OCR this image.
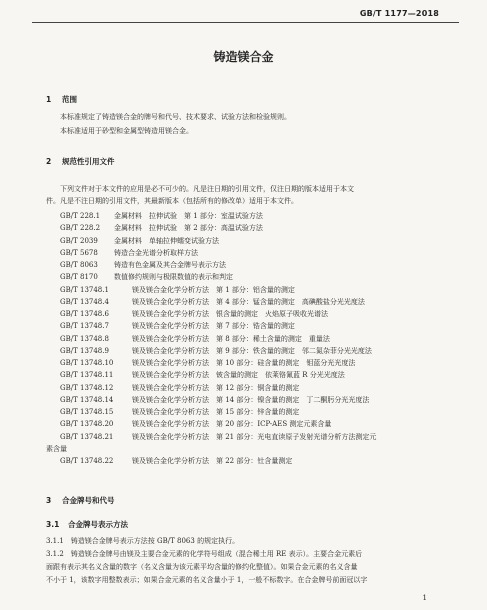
GB/T 1177—2018
铸造镁合金
1 范围
本标准规定了铸造镁合金的牌号和代号、技术要求、试验方法和检验规则。
本标准适用于砂型和金属型铸造用镁合金。
2 规范性引用文件
下列文件对于本文件的应用是必不可少的。凡是注日期的引用文件，仅注日期的版本适用于本文
件。凡是不注日期的引用文件，其最新版本（包括所有的修改单）适用于本文件。
GB/T 228.1 金属材料　拉伸试验　第 1 部分：室温试验方法
GB/T 228.2 金属材料　拉伸试验　第 2 部分：高温试验方法
GB/T 2039 金属材料　单轴拉伸蠕变试验方法
GB/T 5678 铸造合金光谱分析取样方法
GB/T 8063 铸造有色金属及其合金牌号表示方法
GB/T 8170 数值修约规则与极限数值的表示和判定
GB/T 13748.1	镁及镁合金化学分析方法　第 1 部分：铝含量的测定
GB/T 13748.4	镁及镁合金化学分析方法　第 4 部分：锰含量的测定　高碘酸盐分光光度法
GB/T 13748.6	镁及镁合金化学分析方法　银含量的测定　火焰原子吸收光谱法
GB/T 13748.7	镁及镁合金化学分析方法　第 7 部分：锆含量的测定
GB/T 13748.8	镁及镁合金化学分析方法　第 8 部分：稀土含量的测定　重量法
GB/T 13748.9	镁及镁合金化学分析方法　第 9 部分：铁含量的测定　邻二氮杂菲分光光度法
GB/T 13748.10	镁及镁合金化学分析方法　第 10 部分：硅含量的测定　钼蓝分光光度法
GB/T 13748.11	镁及镁合金化学分析方法　铍含量的测定　依莱铬氰蓝 R 分光光度法
GB/T 13748.12	镁及镁合金化学分析方法　第 12 部分：铜含量的测定
GB/T 13748.14	镁及镁合金化学分析方法　第 14 部分：镍含量的测定　丁二酮肟分光光度法
GB/T 13748.15	镁及镁合金化学分析方法　第 15 部分：锌含量的测定
GB/T 13748.20	镁及镁合金化学分析方法　第 20 部分：ICP-AES 测定元素含量
GB/T 13748.21	镁及镁合金化学分析方法　第 21 部分：光电直读原子发射光谱分析方法测定元
素含量
GB/T 13748.22	镁及镁合金化学分析方法　第 22 部分：钍含量测定
3 合金牌号和代号
3.1 合金牌号表示方法
3.1.1　铸造镁合金牌号表示方法按 GB/T 8063 的规定执行。
3.1.2　铸造镁合金牌号由镁及主要合金元素的化学符号组成（混合稀土用 RE 表示）。主要合金元素后
面跟有表示其名义含量的数字（名义含量为该元素平均含量的修约化整值）。如果合金元素的名义含量
不小于 1，该数字用整数表示；如果合金元素的名义含量小于 1，一般不标数字。在合金牌号前面冠以字
1
